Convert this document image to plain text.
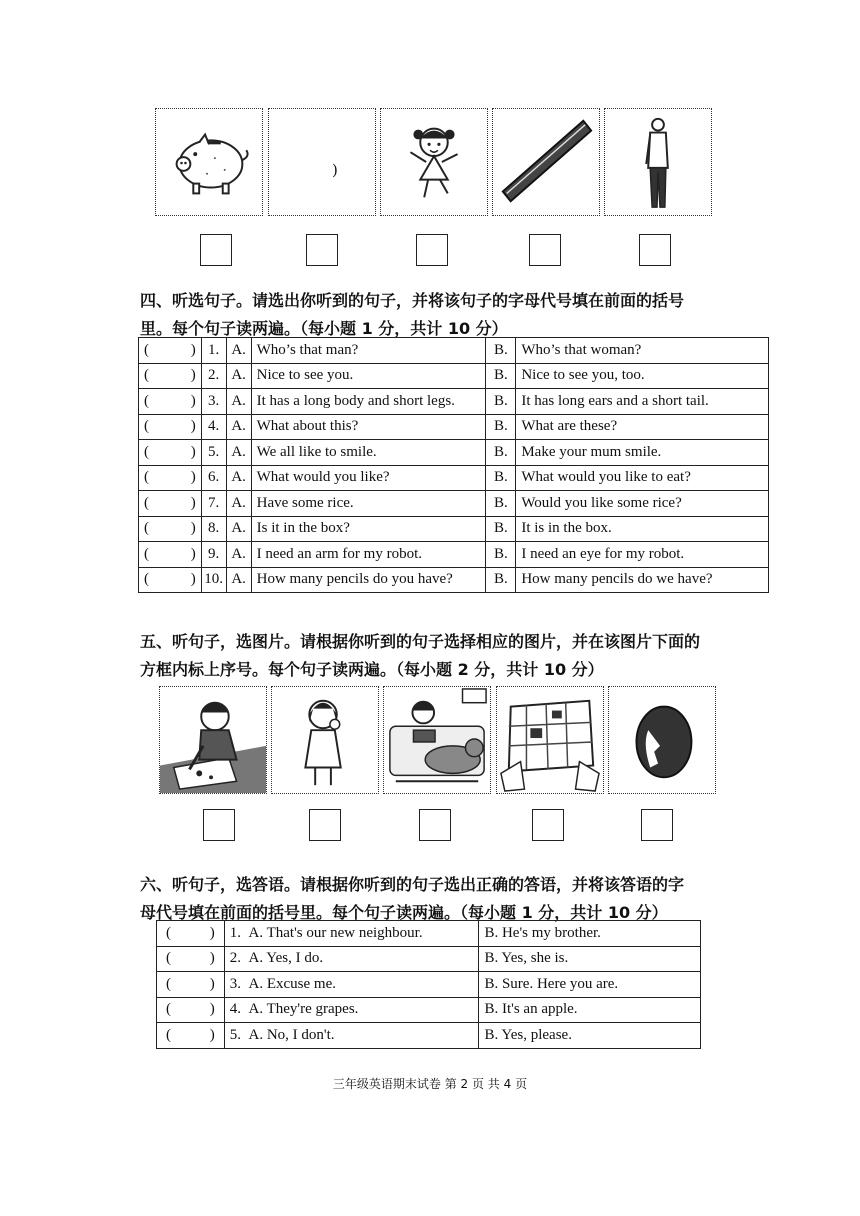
)
四、听选句子。请选出你听到的句子，并将该句子的字母代号填在前面的括号
里。每个句子读两遍。（每小题 1 分，共计 10 分）
( )	1.	A.	Who’s that man?	B.	Who’s that woman?

( )	2.	A.	Nice to see you.	B.	Nice to see you, too.

( )	3.	A.	It has a long body and short legs.	B.	It has long ears and a short tail.

( )	4.	A.	What about this?	B.	What are these?

( )	5.	A.	We all like to smile.	B.	Make your mum smile.

( )	6.	A.	What would you like?	B.	What would you like to eat?

( )	7.	A.	Have some rice.	B.	Would you like some rice?

( )	8.	A.	Is it in the box?	B.	It is in the box.

( )	9.	A.	I need an arm for my robot.	B.	I need an eye for my robot.

( )	10.	A.	How many pencils do you have?	B.	How many pencils do we have?
五、听句子，选图片。请根据你听到的句子选择相应的图片，并在该图片下面的
方框内标上序号。每个句子读两遍。（每小题 2 分，共计 10 分）
六、听句子，选答语。请根据你听到的句子选出正确的答语，并将该答语的字
母代号填在前面的括号里。每个句子读两遍。（每小题 1 分，共计 10 分）
( )	1. A. That's our new neighbour.	B. He's my brother.

( )	2. A. Yes, I do.	B. Yes, she is.

( )	3. A. Excuse me.	B. Sure. Here you are.

( )	4. A. They're grapes.	B. It's an apple.

( )	5. A. No, I don't.	B. Yes, please.
三年级英语期末试卷 第 2 页 共 4 页
